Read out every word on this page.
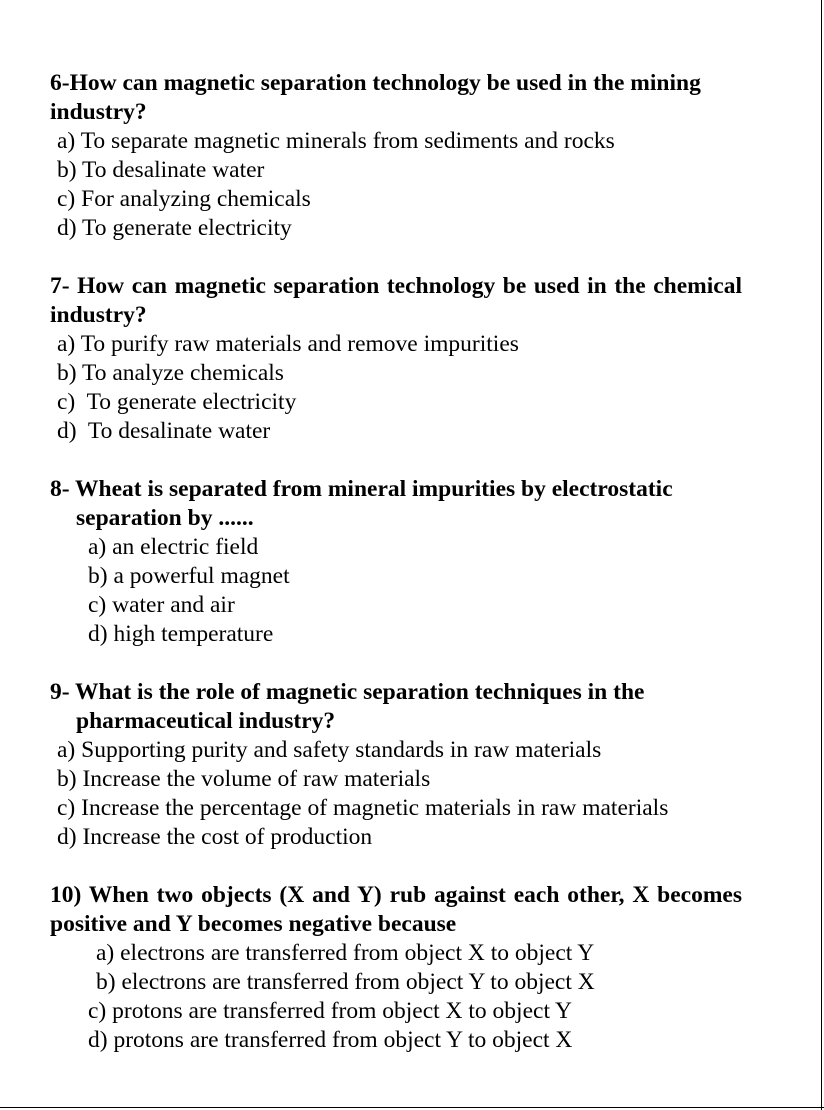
6-How can magnetic separation technology be used in the mining industry?
a) To separate magnetic minerals from sediments and rocks
b) To desalinate water
c) For analyzing chemicals
d) To generate electricity
7- How can magnetic separation technology be used in the chemical industry?
a) To purify raw materials and remove impurities
b) To analyze chemicals
c)  To generate electricity
d)  To desalinate water
8- Wheat is separated from mineral impurities by electrostatic separation by ......
a) an electric field
b) a powerful magnet
c) water and air
d) high temperature
9- What is the role of magnetic separation techniques in the pharmaceutical industry?
a) Supporting purity and safety standards in raw materials
b) Increase the volume of raw materials
c) Increase the percentage of magnetic materials in raw materials
d) Increase the cost of production
10) When two objects (X and Y) rub against each other, X becomes positive and Y becomes negative because
a) electrons are transferred from object X to object Y
b) electrons are transferred from object Y to object X
c) protons are transferred from object X to object Y
d) protons are transferred from object Y to object X
